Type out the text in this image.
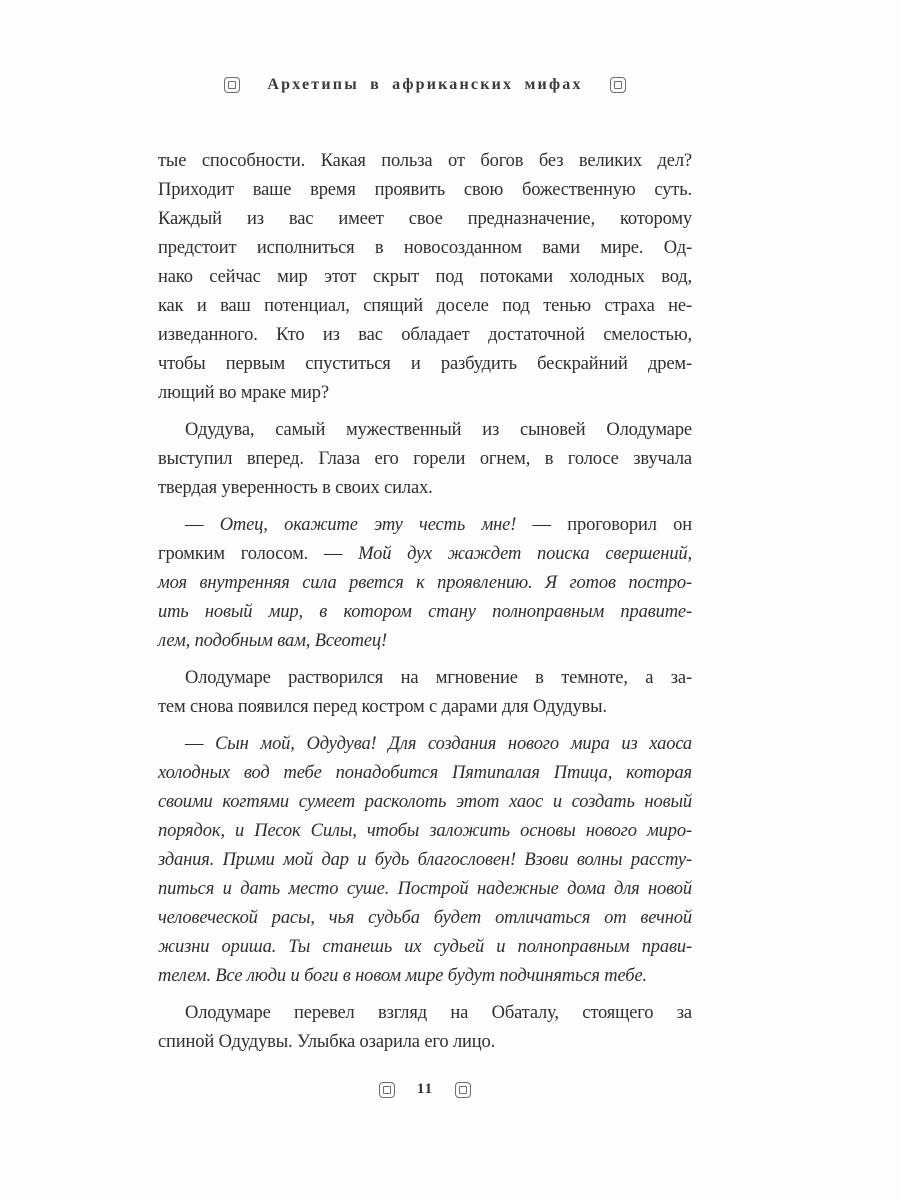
Архетипы в африканских мифах
тые способности. Какая польза от богов без великих дел?
Приходит ваше время проявить свою божественную суть.
Каждый из вас имеет свое предназначение, которому
предстоит исполниться в новосозданном вами мире. Од-
нако сейчас мир этот скрыт под потоками холодных вод,
как и ваш потенциал, спящий доселе под тенью страха не-
изведанного. Кто из вас обладает достаточной смелостью,
чтобы первым спуститься и разбудить бескрайний дрем-
лющий во мраке мир?
Одудува, самый мужественный из сыновей Олодумаре
выступил вперед. Глаза его горели огнем, в голосе звучала
твердая уверенность в своих силах.
— Отец, окажите эту честь мне! — проговорил он
громким голосом. — Мой дух жаждет поиска свершений,
моя внутренняя сила рвется к проявлению. Я готов постро-
ить новый мир, в котором стану полноправным правите-
лем, подобным вам, Всеотец!
Олодумаре растворился на мгновение в темноте, а за-
тем снова появился перед костром с дарами для Одудувы.
— Сын мой, Одудува! Для создания нового мира из хаоса
холодных вод тебе понадобится Пятипалая Птица, которая
своими когтями сумеет расколоть этот хаос и создать новый
порядок, и Песок Силы, чтобы заложить основы нового миро-
здания. Прими мой дар и будь благословен! Взови волны рассту-
питься и дать место суше. Построй надежные дома для новой
человеческой расы, чья судьба будет отличаться от вечной
жизни ориша. Ты станешь их судьей и полноправным прави-
телем. Все люди и боги в новом мире будут подчиняться тебе.
Олодумаре перевел взгляд на Обаталу, стоящего за
спиной Одудувы. Улыбка озарила его лицо.
11
